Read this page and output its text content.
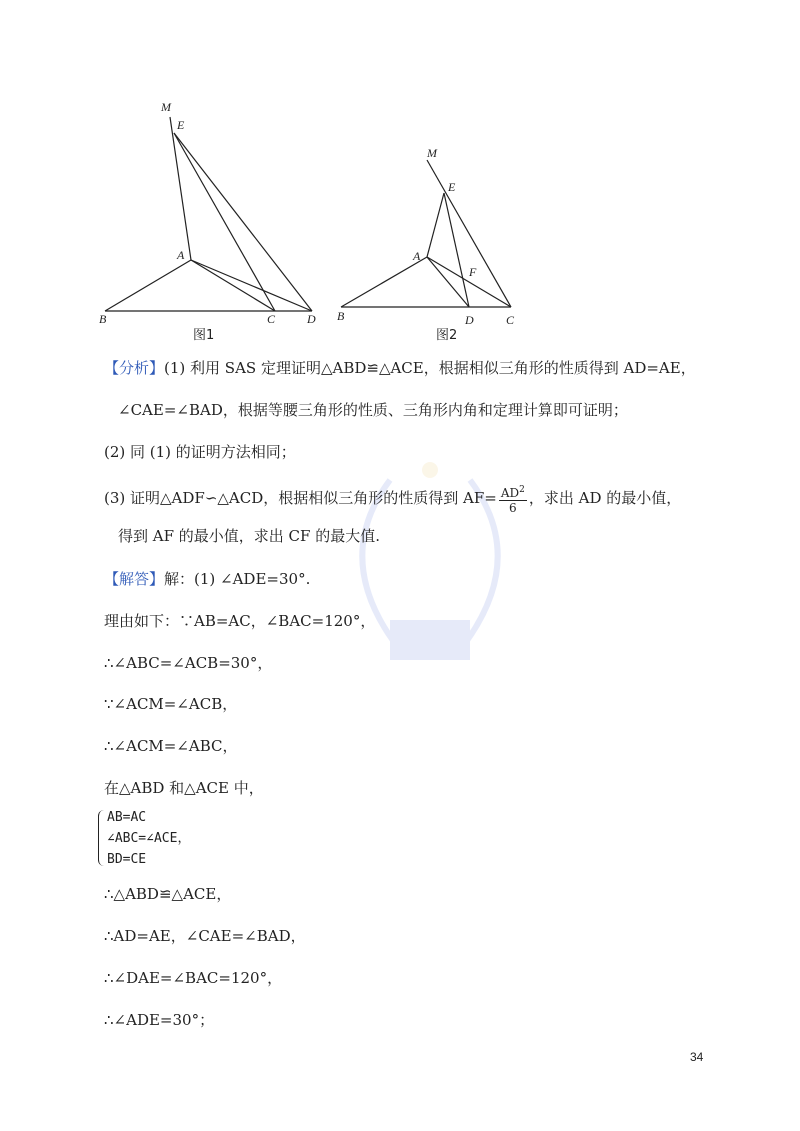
M
E
A
B	C	D
图1
M
E
A
F
B	D	C
图2
【分析】(1) 利用 SAS 定理证明△ABD≌△ACE，根据相似三角形的性质得到 AD=AE，
∠CAE=∠BAD，根据等腰三角形的性质、三角形内角和定理计算即可证明；
(2) 同 (1) 的证明方法相同；
(3) 证明△ADF∽△ACD，根据相似三角形的性质得到 $AF= \frac{AD^2}{6}$ ，求出 AD 的最小值，
得到 AF 的最小值，求出 CF 的最大值.
【解答】解：(1) ∠ADE=30°.
理由如下：∵AB=AC，∠BAC=120°，
∴∠ABC=∠ACB=30°，
∵∠ACM=∠ACB，
∴∠ACM=∠ABC，
在△ABD 和△ACE 中，
AB=AC
∠ABC=∠ACE，
BD=CE
∴△ABD≌△ACE，
∴AD=AE，∠CAE=∠BAD，
∴∠DAE=∠BAC=120°，
∴∠ADE=30°；
34
